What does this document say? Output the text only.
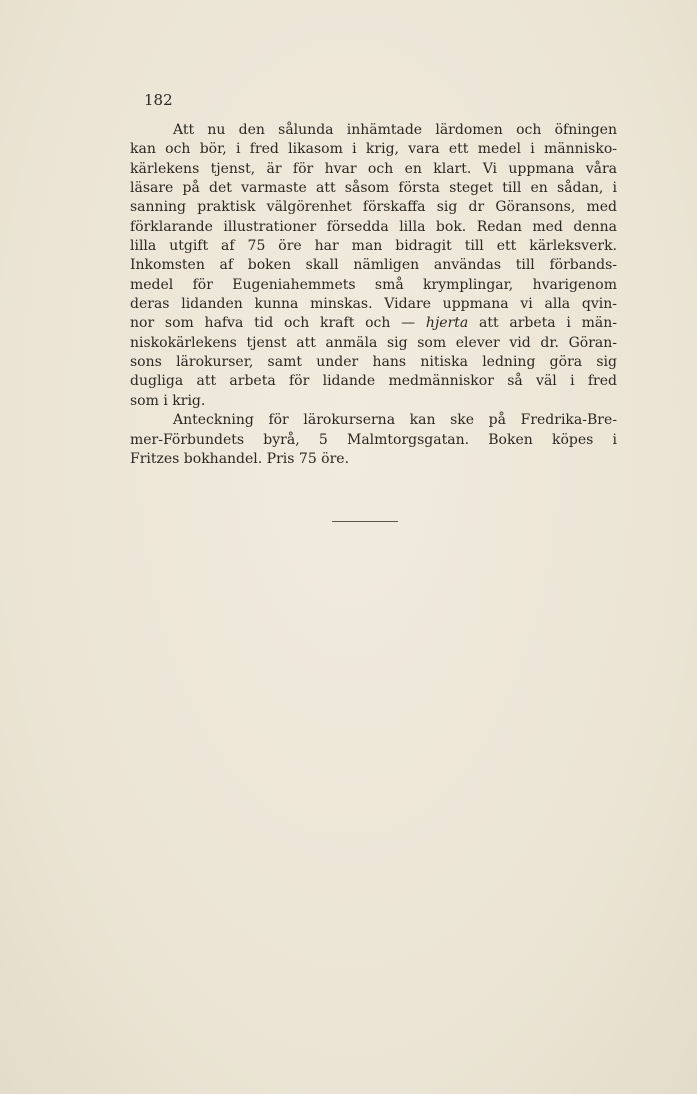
182
Att nu den sålunda inhämtade lärdomen och öfningen
kan och bör, i fred likasom i krig, vara ett medel i människo-
kärlekens tjenst, är för hvar och en klart. Vi uppmana våra
läsare på det varmaste att såsom första steget till en sådan, i
sanning praktisk välgörenhet förskaffa sig dr Göransons, med
förklarande illustrationer försedda lilla bok. Redan med denna
lilla utgift af 75 öre har man bidragit till ett kärleksverk.
Inkomsten af boken skall nämligen användas till förbands-
medel för Eugeniahemmets små krymplingar, hvarigenom
deras lidanden kunna minskas. Vidare uppmana vi alla qvin-
nor som hafva tid och kraft och — hjerta att arbeta i män-
niskokärlekens tjenst att anmäla sig som elever vid dr. Göran-
sons lärokurser, samt under hans nitiska ledning göra sig
dugliga att arbeta för lidande medmänniskor så väl i fred
som i krig.
Anteckning för lärokurserna kan ske på Fredrika-Bre-
mer-Förbundets byrå, 5 Malmtorgsgatan. Boken köpes i
Fritzes bokhandel. Pris 75 öre.
